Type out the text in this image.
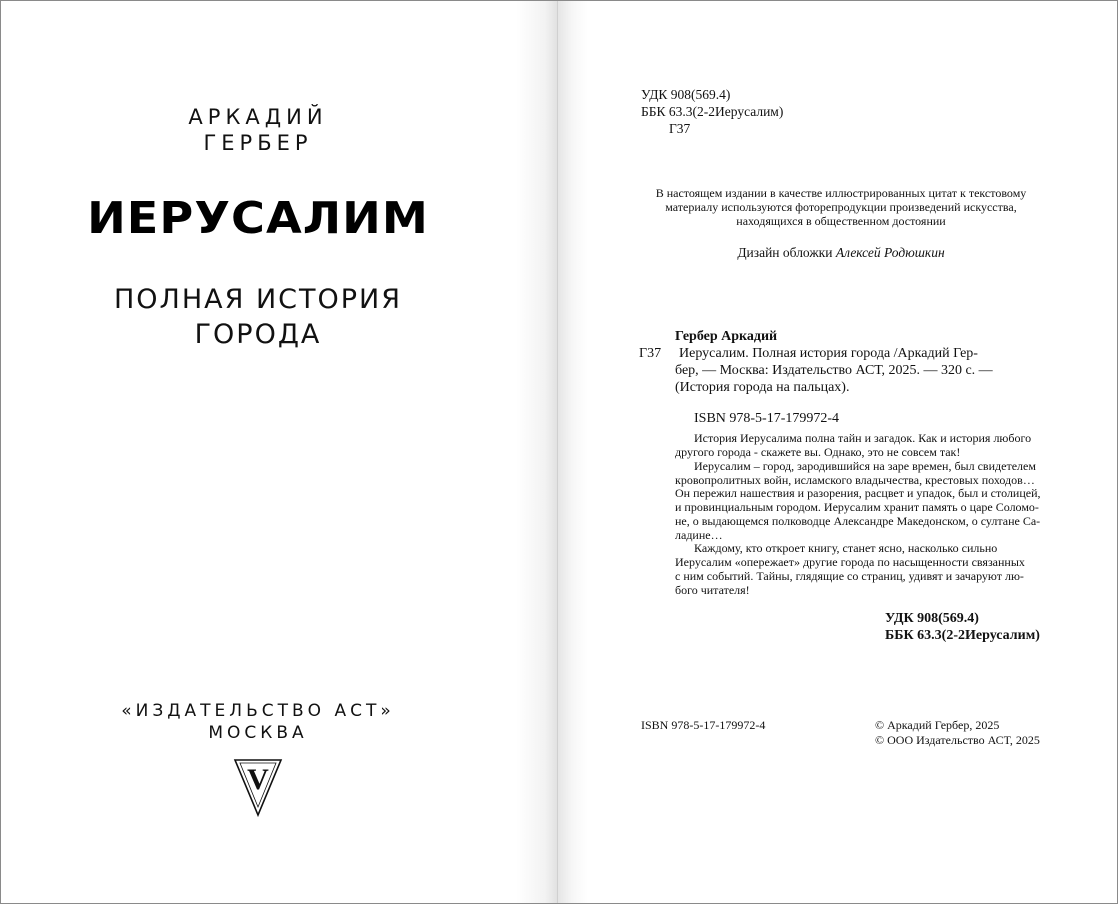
АРКАДИЙ
ГЕРБЕР
ИЕРУСАЛИМ
ПОЛНАЯ ИСТОРИЯ
ГОРОДА
«ИЗДАТЕЛЬСТВО АСТ»
МОСКВА
V
УДК 908(569.4)
ББК 63.3(2-2Иерусалим)
Г37
В настоящем издании в качестве иллюстрированных цитат к текстовому материалу используются фоторепродукции произведений искусства, находящихся в общественном достоянии
Дизайн обложки Алексей Родюшкин
Гербер Аркадий
Г37 Иерусалим. Полная история города /Аркадий Гер-
бер, — Москва: Издательство АСТ, 2025. — 320 с. —
(История города на пальцах).
ISBN 978-5-17-179972-4
История Иерусалима полна тайн и загадок. Как и история любого
другого города - скажете вы. Однако, это не совсем так!
Иерусалим – город, зародившийся на заре времен, был свидетелем
кровопролитных войн, исламского владычества, крестовых походов…
Он пережил нашествия и разорения, расцвет и упадок, был и столицей,
и провинциальным городом. Иерусалим хранит память о царе Соломо-
не, о выдающемся полководце Александре Македонском, о султане Са-
ладине…
Каждому, кто откроет книгу, станет ясно, насколько сильно
Иерусалим «опережает» другие города по насыщенности связанных
с ним событий. Тайны, глядящие со страниц, удивят и зачаруют лю-
бого читателя!
УДК 908(569.4)
ББК 63.3(2-2Иерусалим)
ISBN 978-5-17-179972-4	© Аркадий Гербер, 2025
© ООО Издательство АСТ, 2025
